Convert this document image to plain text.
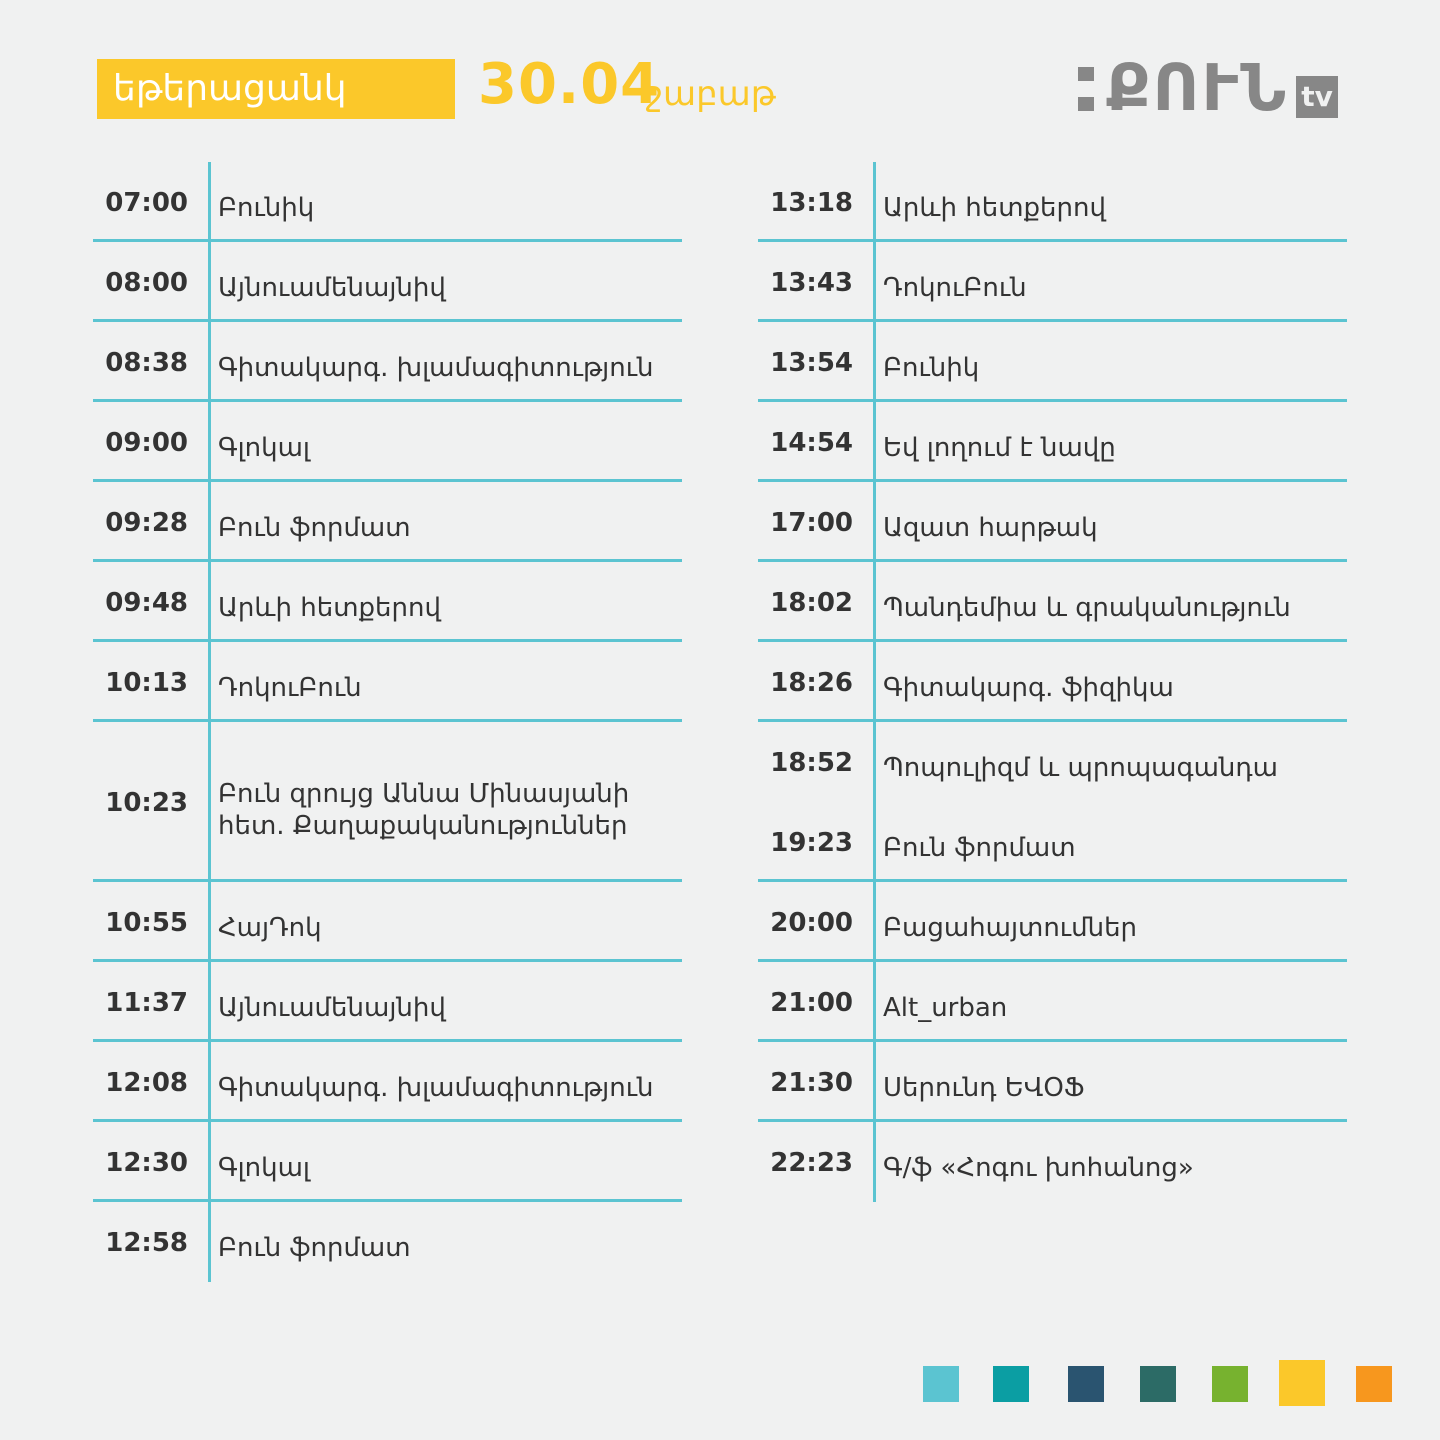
եթերացանկ	30.04
շաբաթ	ՔՈՒՆ tv
07:00 Բունիկ
08:00 Այնուամենայնիվ
08:38 Գիտակարգ. խլամագիտություն
09:00 Գլոկալ
09:28 Բուն ֆորմատ
09:48 Արևի հետքերով
10:13 ԴոկուԲուն
10:23 Բուն զրույց Աննա Մինասյանի
հետ. Քաղաքականություններ
10:55 ՀայԴոկ
11:37 Այնուամենայնիվ
12:08 Գիտակարգ. խլամագիտություն
12:30 Գլոկալ
12:58 Բուն ֆորմատ
13:18 Արևի հետքերով
13:43 ԴոկուԲուն
13:54 Բունիկ
14:54 Եվ լողում է նավը
17:00 Ազատ հարթակ
18:02 Պանդեմիա և գրականություն
18:26 Գիտակարգ. ֆիզիկա
18:52 Պոպուլիզմ և պրոպագանդա
19:23 Բուն ֆորմատ
20:00 Բացահայտումներ
21:00 Alt_urban
21:30 Սերունդ ԵՎՕՖ
22:23 Գ/ֆ «Հոգու խոհանոց»
